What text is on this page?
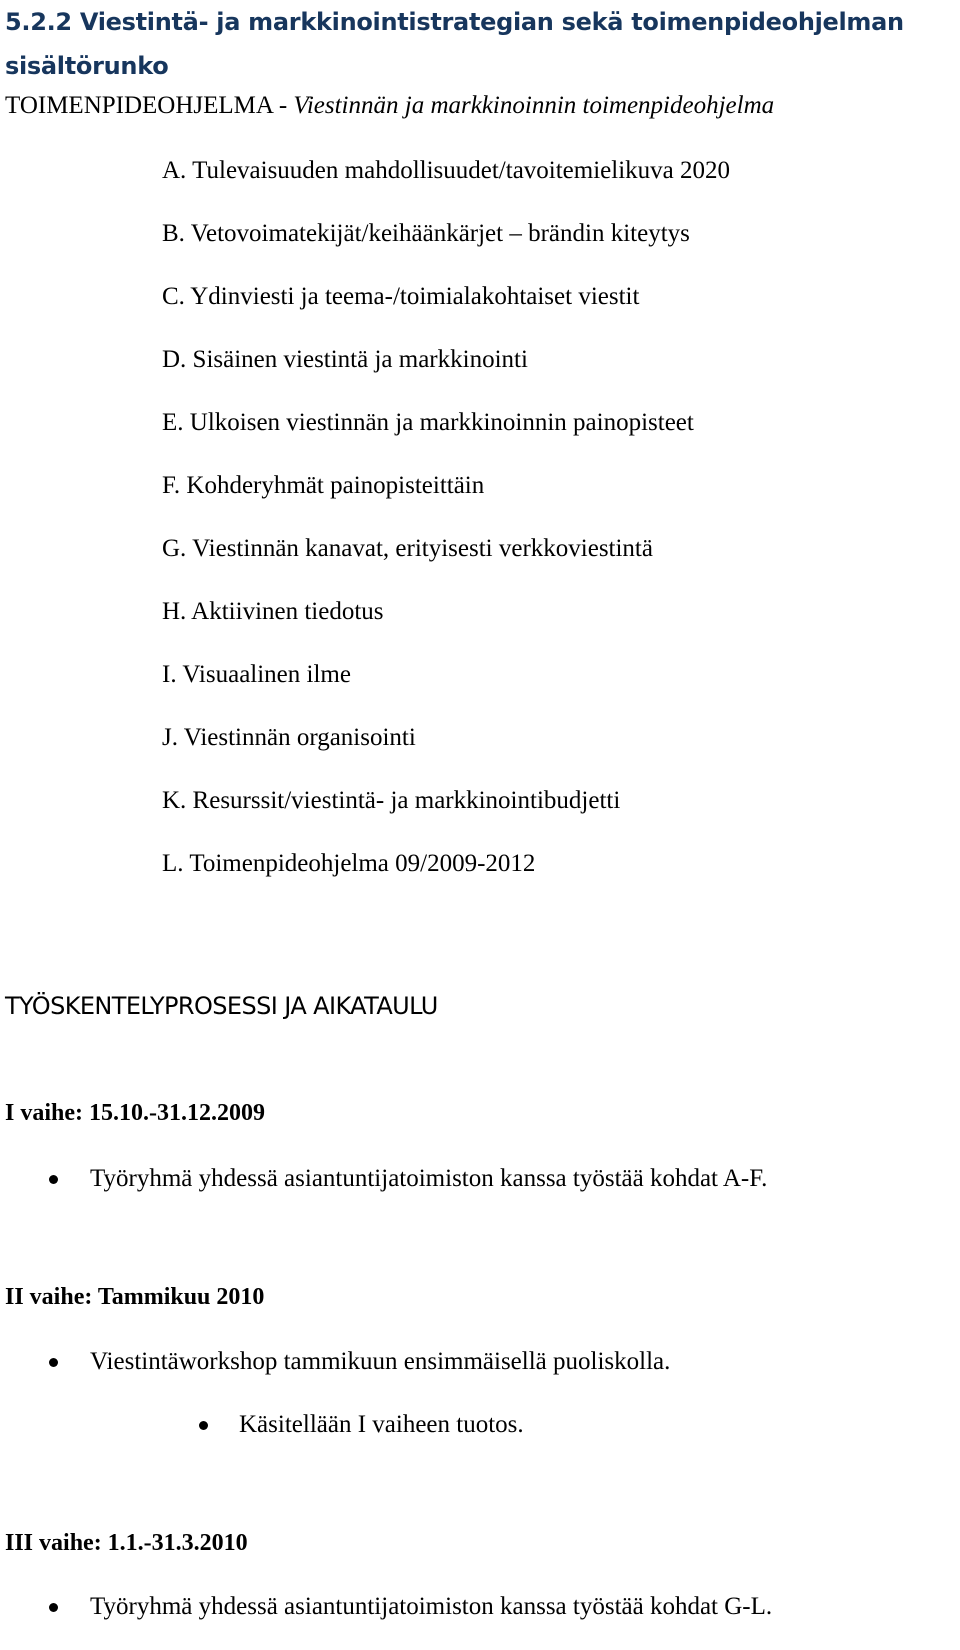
5.2.2 Viestintä- ja markkinointistrategian sekä toimenpideohjelman sisältörunko
TOIMENPIDEOHJELMA - Viestinnän ja markkinoinnin toimenpideohjelma
A. Tulevaisuuden mahdollisuudet/tavoitemielikuva 2020
B. Vetovoimatekijät/keihäänkärjet – brändin kiteytys
C. Ydinviesti ja teema-/toimialakohtaiset viestit
D. Sisäinen viestintä ja markkinointi
E. Ulkoisen viestinnän ja markkinoinnin painopisteet
F. Kohderyhmät painopisteittäin
G. Viestinnän kanavat, erityisesti verkkoviestintä
H. Aktiivinen tiedotus
I. Visuaalinen ilme
J. Viestinnän organisointi
K. Resurssit/viestintä- ja markkinointibudjetti
L. Toimenpideohjelma 09/2009-2012
TYÖSKENTELYPROSESSI JA AIKATAULU
I vaihe: 15.10.-31.12.2009
Työryhmä yhdessä asiantuntijatoimiston kanssa työstää kohdat A-F.
II vaihe: Tammikuu 2010
Viestintäworkshop tammikuun ensimmäisellä puoliskolla.
Käsitellään I vaiheen tuotos.
III vaihe: 1.1.-31.3.2010
Työryhmä yhdessä asiantuntijatoimiston kanssa työstää kohdat G-L.
